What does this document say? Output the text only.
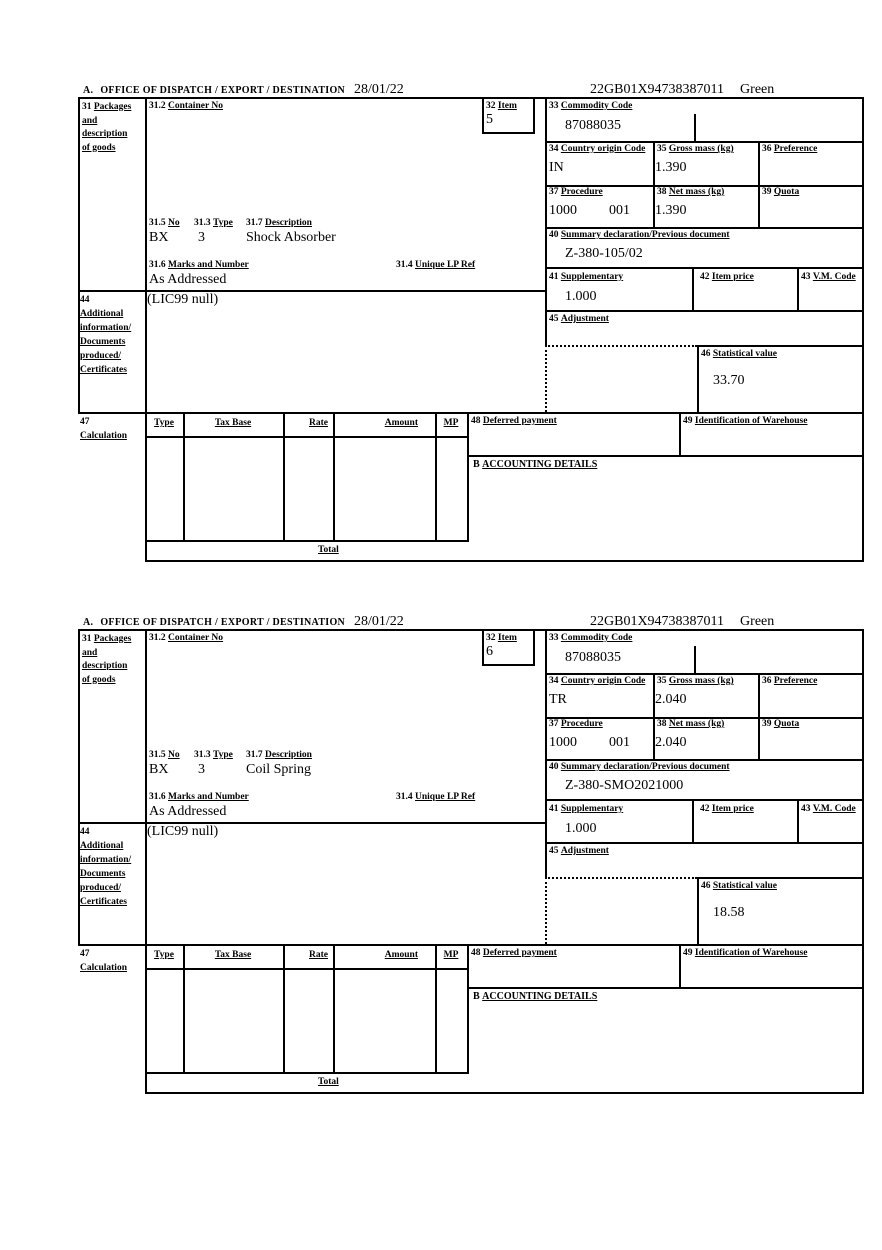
A. OFFICE OF DISPATCH / EXPORT / DESTINATION 28/01/22	22GB01X94738387011 Green
31 Packages
and
description
of goods
31.2 Container No	32 Item
5
33 Commodity Code
87088035
34 Country origin Code 35 Gross mass (kg)	36 Preference
IN	1.390
37 Procedure	38 Net mass (kg)	39 Quota
1000 001 1.390
40 Summary declaration/Previous document
Z-380-105/02
41 Supplementary	42 Item price	43 V.M. Code
1.000
45 Adjustment
46 Statistical value
33.70
31.5 No 31.3 Type 31.7 Description
BX 3	Shock Absorber
31.6 Marks and Number	31.4 Unique LP Ref
As Addressed
44
Additional
information/
Documents
produced/
Certificates
(LIC99 null)
47
Calculation
Type	Tax Base	Rate	Amount	MP	48 Deferred payment	49 Identification of Warehouse
B ACCOUNTING DETAILS
Total
A. OFFICE OF DISPATCH / EXPORT / DESTINATION 28/01/22	22GB01X94738387011 Green
31 Packages
and
description
of goods
31.2 Container No	32 Item
6
33 Commodity Code
87088035
34 Country origin Code 35 Gross mass (kg)	36 Preference
TR	2.040
37 Procedure	38 Net mass (kg)	39 Quota
1000 001 2.040
40 Summary declaration/Previous document
Z-380-SMO2021000
41 Supplementary	42 Item price	43 V.M. Code
1.000
45 Adjustment
46 Statistical value
18.58
31.5 No 31.3 Type 31.7 Description
BX 3	Coil Spring
31.6 Marks and Number	31.4 Unique LP Ref
As Addressed
44
Additional
information/
Documents
produced/
Certificates
(LIC99 null)
47
Calculation
Type	Tax Base	Rate	Amount	MP	48 Deferred payment	49 Identification of Warehouse
B ACCOUNTING DETAILS
Total
